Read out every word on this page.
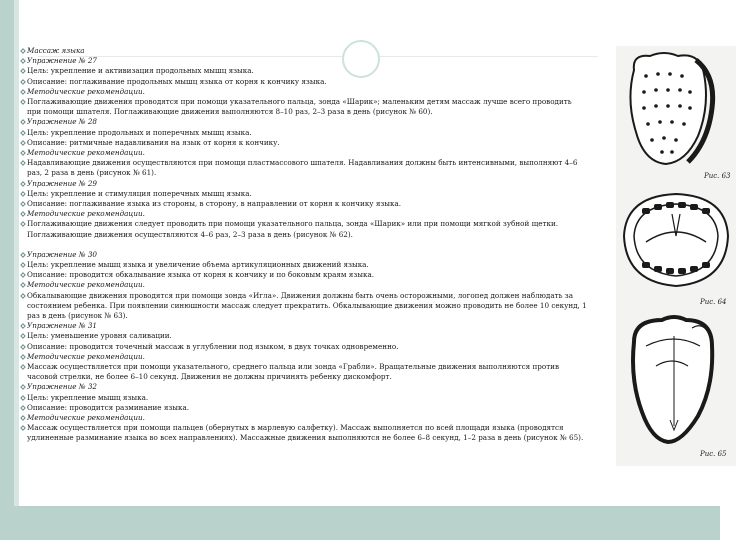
Массаж языка
Упражнение № 27
Цель: укрепление и активизация продольных мышц языка.
Описание: поглаживание продольных мышц языка от корня к кончику языка.
Методические рекомендации.
Поглаживающие движения проводятся при помощи указательного пальца, зонда «Шарик»; маленьким детям массаж лучше всего проводить при помощи шпателя. Поглаживающие движения выполняются 8–10 раз, 2–3 раза в день (рисунок № 60).
Упражнение № 28
Цель: укрепление продольных и поперечных мышц языка.
Описание: ритмичные надавливания на язык от корня к кончику.
Методические рекомендации.
Надавливающие движения осуществляются при помощи пластмассового шпателя. Надавливания должны быть интенсивными, выполняют 4–6 раз, 2 раза в день (рисунок № 61).
Упражнение № 29
Цель: укрепление и стимуляция поперечных мышц языка.
Описание: поглаживание языка из стороны, в сторону, в направлении от корня к кончику языка.
Методические рекомендации.
Поглаживающие движения следует проводить при помощи указательного пальца, зонда «Шарик» или при помощи мягкой зубной щетки. Поглаживающие движения осуществляются 4–6 раз, 2–3 раза в день (рисунок № 62).
Упражнение № 30
Цель: укрепление мышц языка и увеличение объема артикуляционных движений языка.
Описание: проводится обкалывание языка от корня к кончику и по боковым краям языка.
Методические рекомендации.
Обкалывающие движения проводятся при помощи зонда «Игла». Движения должны быть очень осторожными, логопед должен наблюдать за состоянием ребенка. При появлении синюшности массаж следует прекратить. Обкалывающие движения можно проводить не более 10 секунд, 1 раз в день (рисунок № 63).
Упражнение № 31
Цель: уменьшение уровня саливации.
Описание: проводится точечный массаж в углублении под языком, в двух точках одновременно.
Методические рекомендации.
Массаж осуществляется при помощи указательного, среднего пальца или зонда «Грабли». Вращательные движения выполняются против часовой стрелки, не более 6–10 секунд. Движения не должны причинять ребенку дискомфорт.
Упражнение № 32
Цель: укрепление мышц языка.
Описание: проводится разминание языка.
Методические рекомендации.
Массаж осуществляется при помощи пальцев (обернутых в марлевую салфетку). Массаж выполняется по всей площади языка (проводятся удлиненные разминание языка во всех направлениях). Массажные движения выполняются не более 6–8 секунд, 1–2 раза в день (рисунок № 65).
Рис. 63
Рис. 64
Рис. 65
